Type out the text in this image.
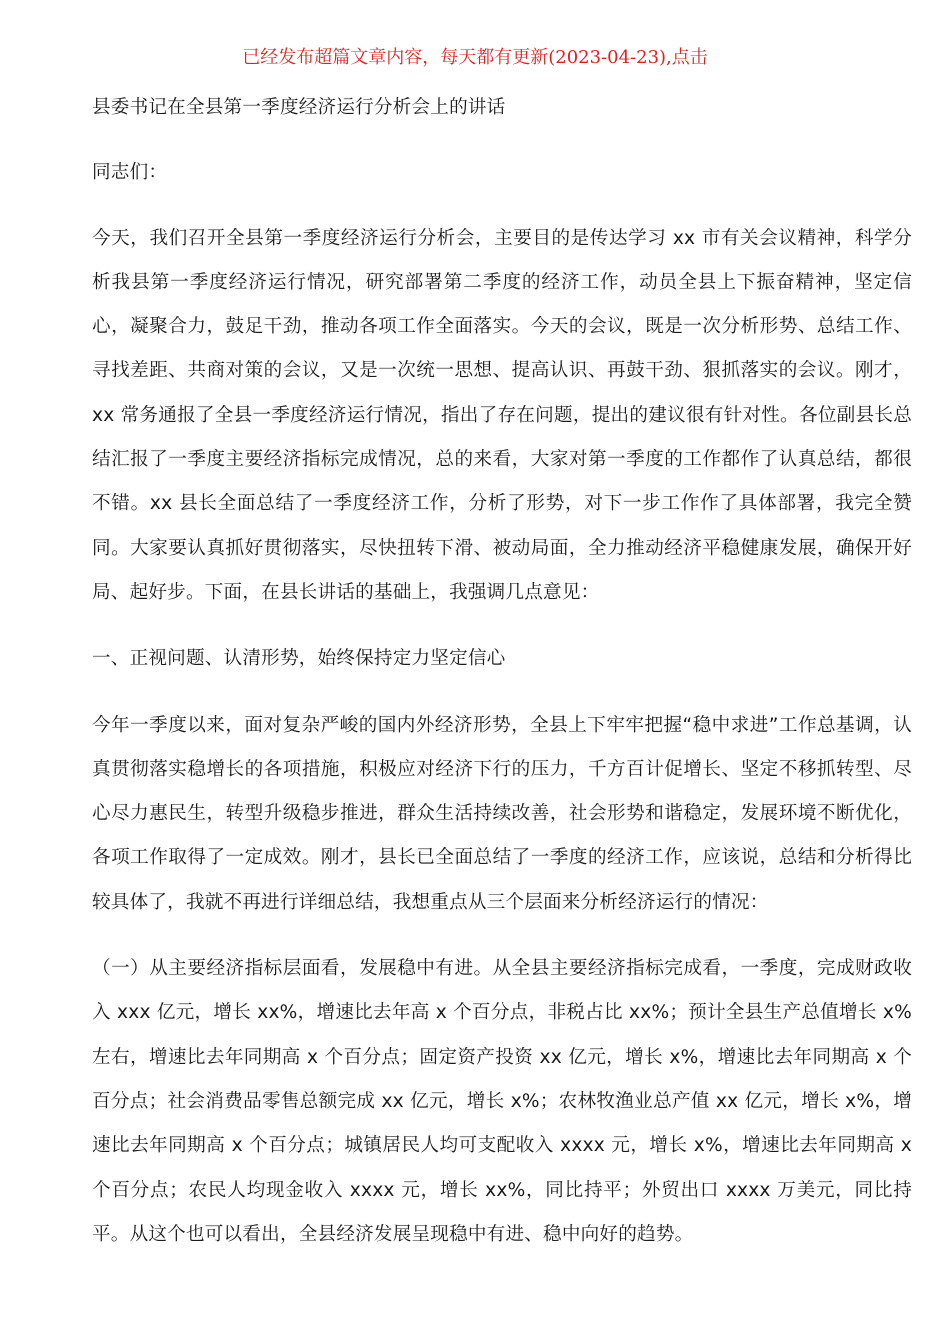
已经发布超篇文章内容，每天都有更新(2023-04-23),点击

县委书记在全县第一季度经济运行分析会上的讲话

同志们：

今天，我们召开全县第一季度经济运行分析会，主要目的是传达学习 xx 市有关会议精神，科学分析我县第一季度经济运行情况，研究部署第二季度的经济工作，动员全县上下振奋精神，坚定信心，凝聚合力，鼓足干劲，推动各项工作全面落实。今天的会议，既是一次分析形势、总结工作、寻找差距、共商对策的会议，又是一次统一思想、提高认识、再鼓干劲、狠抓落实的会议。刚才，xx 常务通报了全县一季度经济运行情况，指出了存在问题，提出的建议很有针对性。各位副县长总结汇报了一季度主要经济指标完成情况，总的来看，大家对第一季度的工作都作了认真总结，都很不错。xx 县长全面总结了一季度经济工作，分析了形势，对下一步工作作了具体部署，我完全赞同。大家要认真抓好贯彻落实，尽快扭转下滑、被动局面，全力推动经济平稳健康发展，确保开好局、起好步。下面，在县长讲话的基础上，我强调几点意见：

一、正视问题、认清形势，始终保持定力坚定信心

今年一季度以来，面对复杂严峻的国内外经济形势，全县上下牢牢把握“稳中求进”工作总基调，认真贯彻落实稳增长的各项措施，积极应对经济下行的压力，千方百计促增长、坚定不移抓转型、尽心尽力惠民生，转型升级稳步推进，群众生活持续改善，社会形势和谐稳定，发展环境不断优化，各项工作取得了一定成效。刚才，县长已全面总结了一季度的经济工作，应该说，总结和分析得比较具体了，我就不再进行详细总结，我想重点从三个层面来分析经济运行的情况：

（一）从主要经济指标层面看，发展稳中有进。从全县主要经济指标完成看，一季度，完成财政收入 xxx 亿元，增长 xx%，增速比去年高 x 个百分点，非税占比 xx%；预计全县生产总值增长 x%左右，增速比去年同期高 x 个百分点；固定资产投资 xx 亿元，增长 x%，增速比去年同期高 x 个百分点；社会消费品零售总额完成 xx 亿元，增长 x%；农林牧渔业总产值 xx 亿元，增长 x%，增速比去年同期高 x 个百分点；城镇居民人均可支配收入 xxxx 元，增长 x%，增速比去年同期高 x 个百分点；农民人均现金收入 xxxx 元，增长 xx%，同比持平；外贸出口 xxxx 万美元，同比持平。从这个也可以看出，全县经济发展呈现稳中有进、稳中向好的趋势。
